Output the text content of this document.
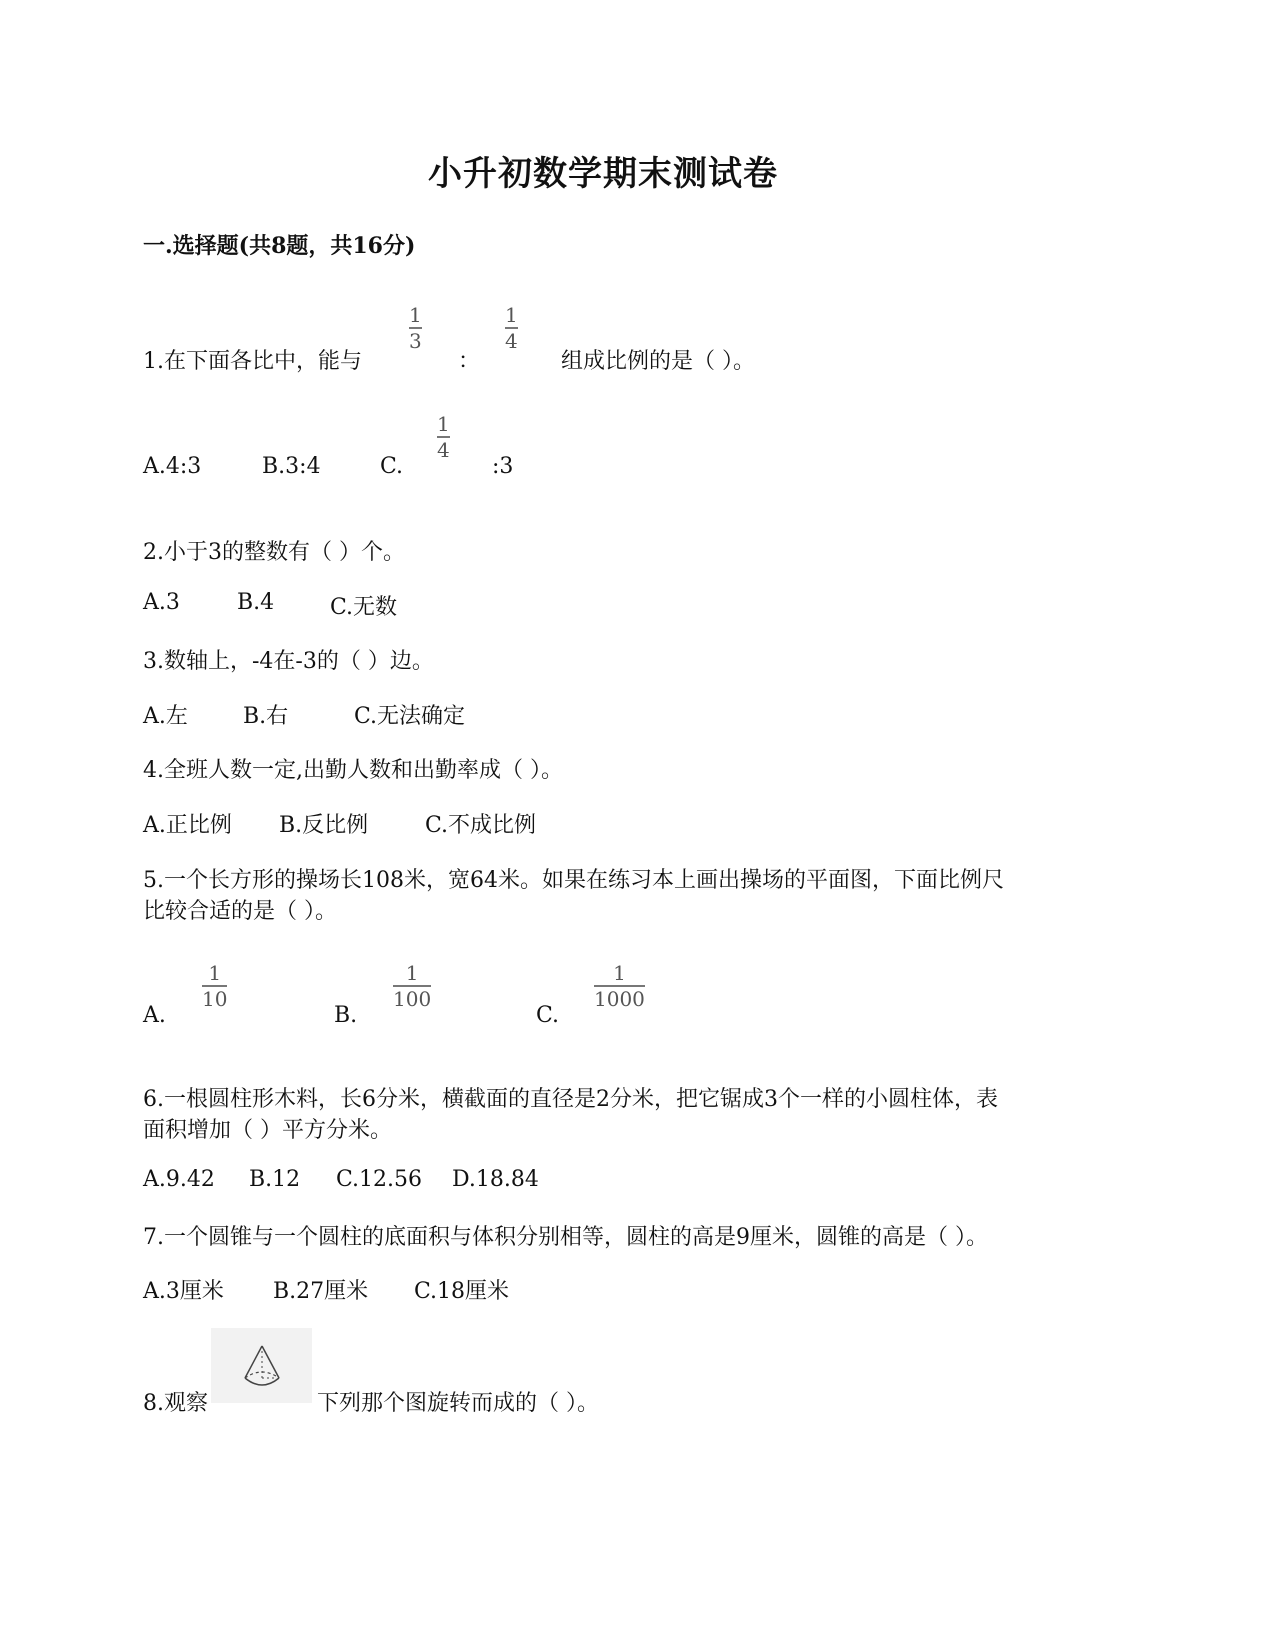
小升初数学期末测试卷
一.选择题(共8题，共16分)
1.在下面各比中，能与
1
3
：
1
4
组成比例的是（ ）。
A.4:3	B.3:4	C.
1
4
:3
2.小于3的整数有（ ）个。
A.3	B.4	C.无数
3.数轴上，-4在-3的（ ）边。
A.左	B.右	C.无法确定
4.全班人数一定,出勤人数和出勤率成（ ）。
A.正比例 B.反比例	C.不成比例
5.一个长方形的操场长108米，宽64米。如果在练习本上画出操场的平面图，下面比例尺
比较合适的是（ ）。
A.
1
10
B.
1
100
C.
1
1000
6.一根圆柱形木料，长6分米，横截面的直径是2分米，把它锯成3个一样的小圆柱体，表
面积增加（ ）平方分米。
A.9.42 B.12 C.12.56 D.18.84
7.一个圆锥与一个圆柱的底面积与体积分别相等，圆柱的高是9厘米，圆锥的高是（ ）。
A.3厘米 B.27厘米 C.18厘米
8.观察	下列那个图旋转而成的（ ）。
